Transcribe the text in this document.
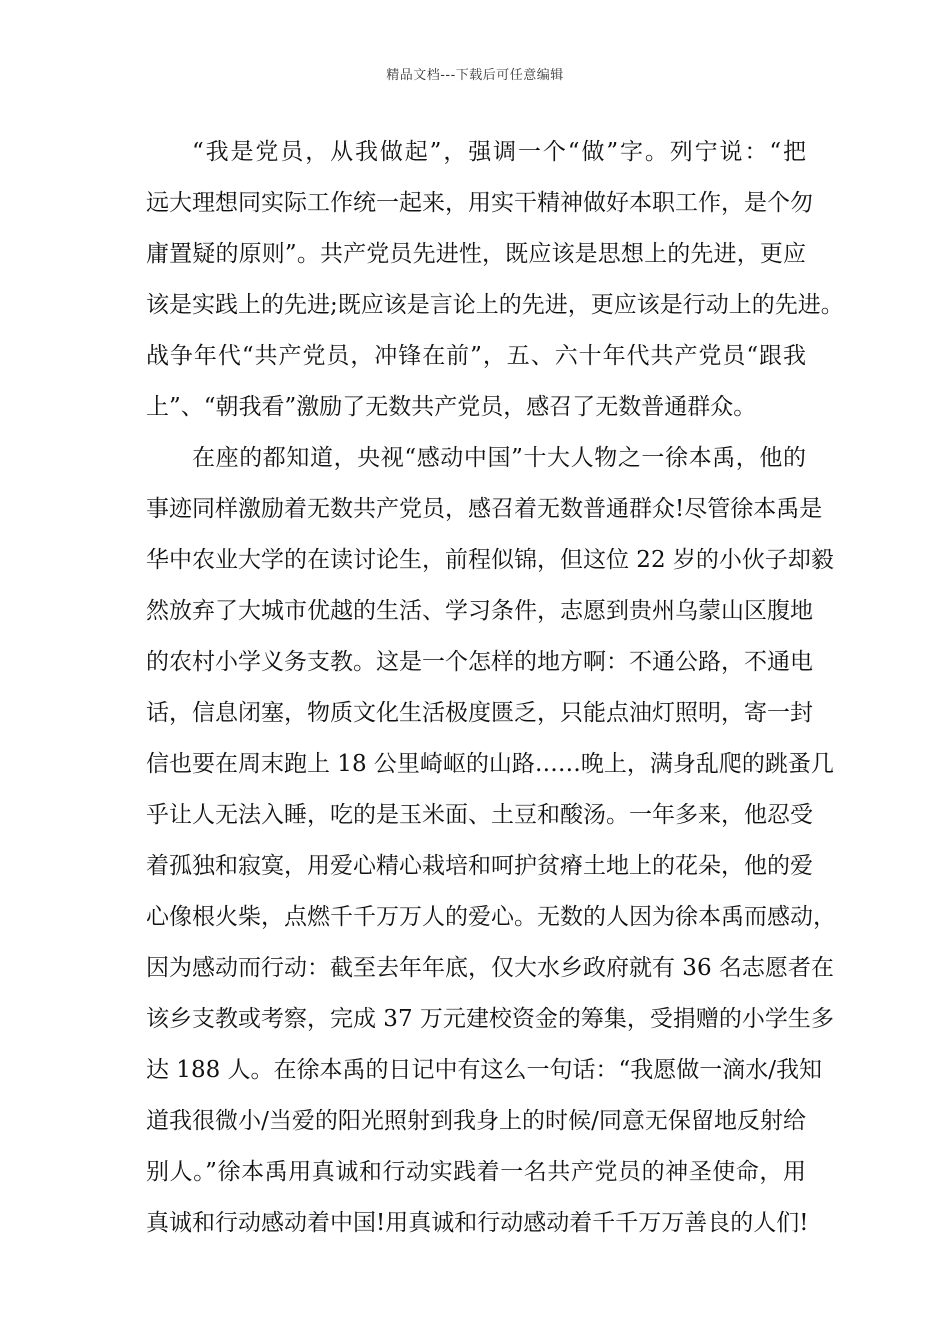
精品文档---下载后可任意编辑
“我是党员，从我做起”，强调一个“做”字。列宁说：“把
远大理想同实际工作统一起来，用实干精神做好本职工作，是个勿
庸置疑的原则”。共产党员先进性，既应该是思想上的先进，更应
该是实践上的先进;既应该是言论上的先进，更应该是行动上的先进。
战争年代“共产党员，冲锋在前”，五、六十年代共产党员“跟我
上”、“朝我看”激励了无数共产党员，感召了无数普通群众。
在座的都知道，央视“感动中国”十大人物之一徐本禹，他的
事迹同样激励着无数共产党员，感召着无数普通群众!尽管徐本禹是
华中农业大学的在读讨论生，前程似锦，但这位 22 岁的小伙子却毅
然放弃了大城市优越的生活、学习条件，志愿到贵州乌蒙山区腹地
的农村小学义务支教。这是一个怎样的地方啊：不通公路，不通电
话，信息闭塞，物质文化生活极度匮乏，只能点油灯照明，寄一封
信也要在周末跑上 18 公里崎岖的山路……晚上，满身乱爬的跳蚤几
乎让人无法入睡，吃的是玉米面、土豆和酸汤。一年多来，他忍受
着孤独和寂寞，用爱心精心栽培和呵护贫瘠土地上的花朵，他的爱
心像根火柴，点燃千千万万人的爱心。无数的人因为徐本禹而感动，
因为感动而行动：截至去年年底，仅大水乡政府就有 36 名志愿者在
该乡支教或考察，完成 37 万元建校资金的筹集，受捐赠的小学生多
达 188 人。在徐本禹的日记中有这么一句话：“我愿做一滴水/我知
道我很微小/当爱的阳光照射到我身上的时候/同意无保留地反射给
别人。”徐本禹用真诚和行动实践着一名共产党员的神圣使命，用
真诚和行动感动着中国!用真诚和行动感动着千千万万善良的人们!
